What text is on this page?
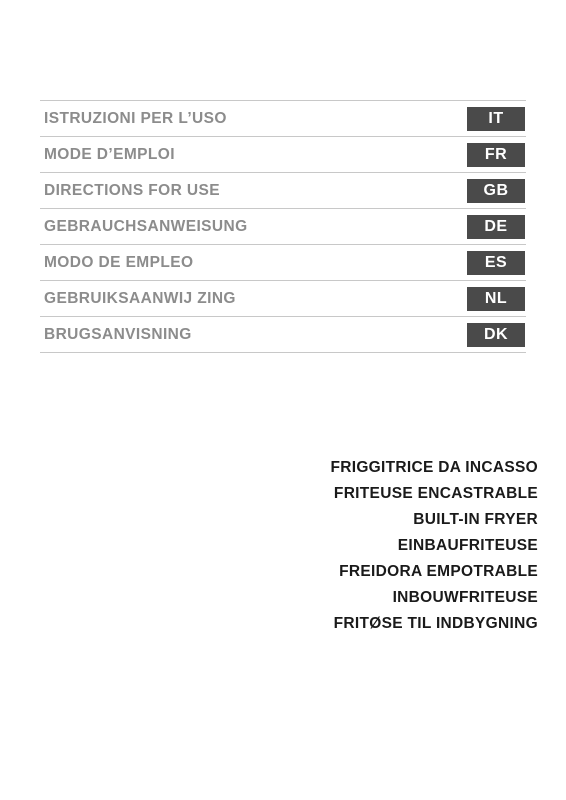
ISTRUZIONI PER L’USO	IT
MODE D’EMPLOI	FR
DIRECTIONS FOR USE	GB
GEBRAUCHSANWEISUNG	DE
MODO DE EMPLEO	ES
GEBRUIKSAANWIJ ZING	NL
BRUGSANVISNING	DK
FRIGGITRICE DA INCASSO
FRITEUSE ENCASTRABLE
BUILT-IN FRYER
EINBAUFRITEUSE
FREIDORA EMPOTRABLE
INBOUWFRITEUSE
FRITØSE TIL INDBYGNING
